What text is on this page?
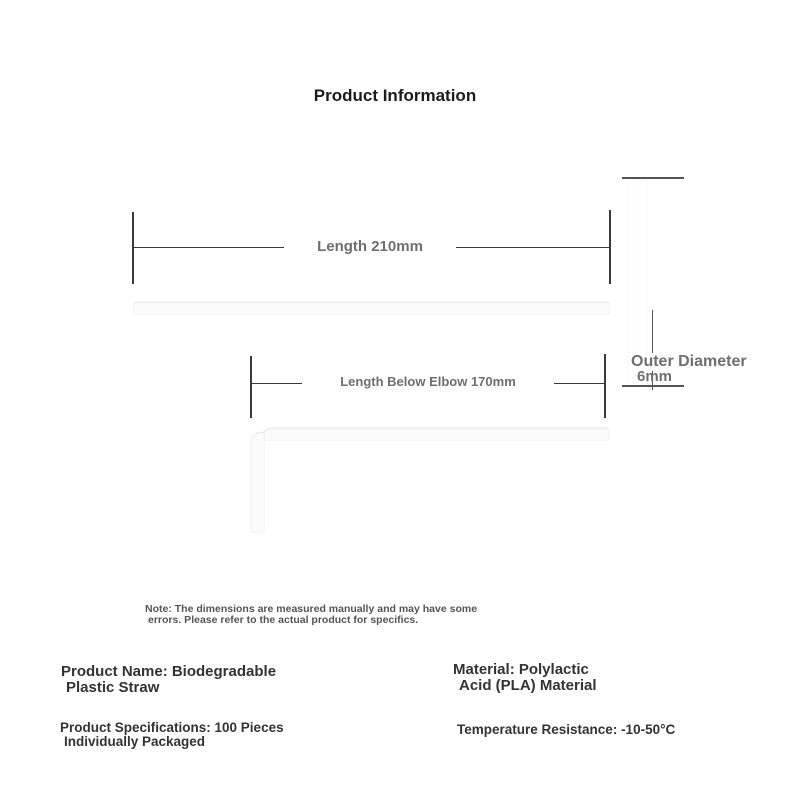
Product Information
Length 210mm
Length Below Elbow 170mm
Outer Diameter
6mm
Note: The dimensions are measured manually and may have some
errors. Please refer to the actual product for specifics.
Product Name: Biodegradable
Plastic Straw
Material: Polylactic
Acid (PLA) Material
Product Specifications: 100 Pieces
Individually Packaged
Temperature Resistance: -10-50°C
